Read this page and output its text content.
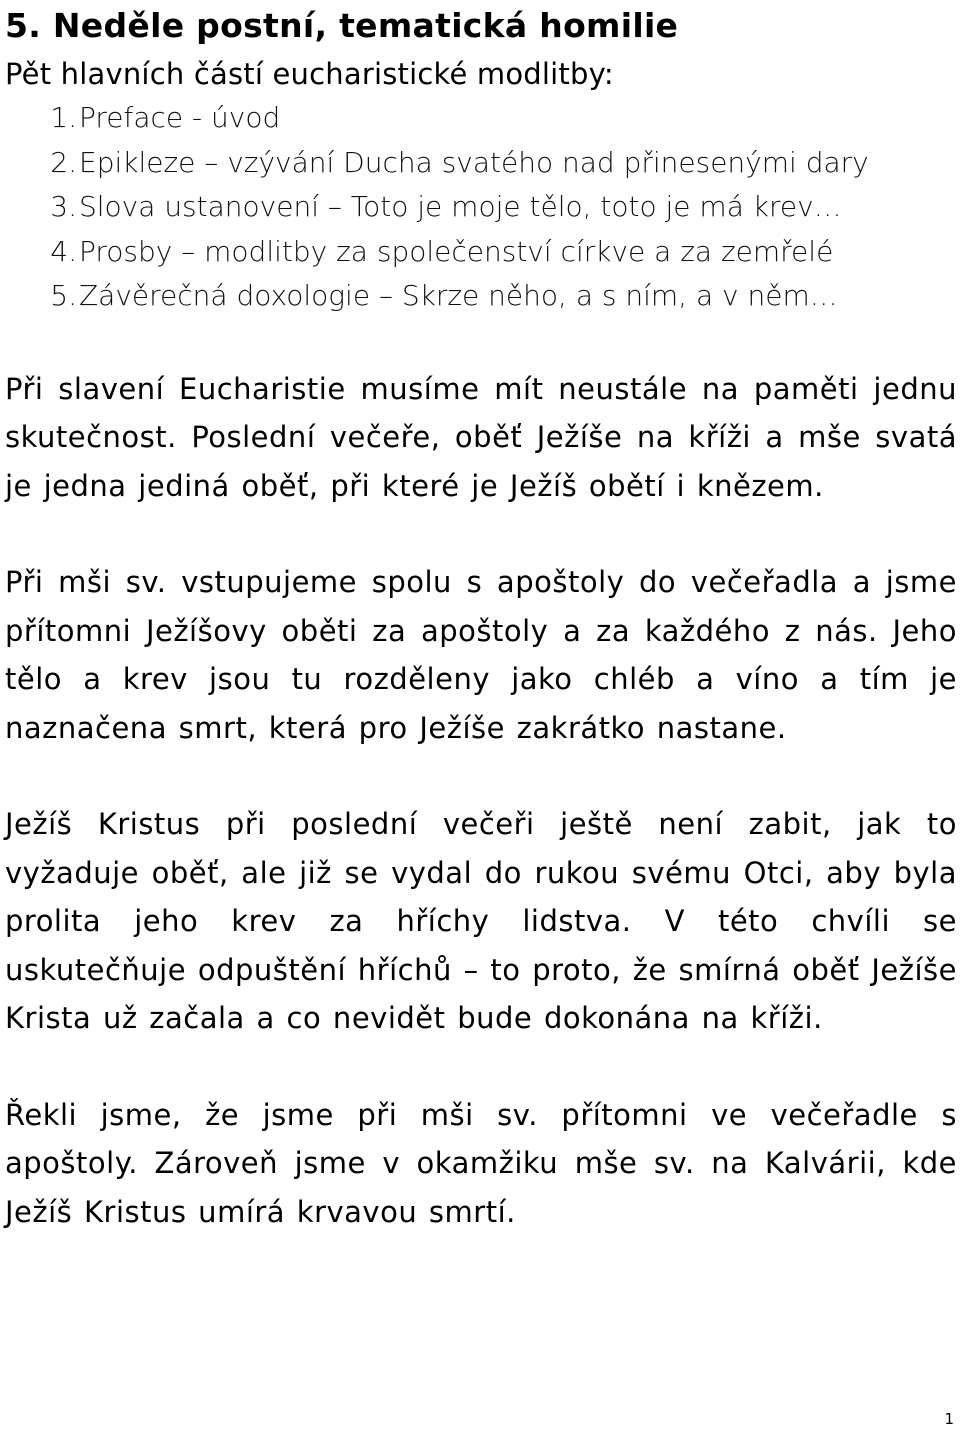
5. Neděle postní, tematická homilie

Pět hlavních částí eucharistické modlitby:

1. Preface - úvod
2. Epikleze – vzývání Ducha svatého nad přinesenými dary
3. Slova ustanovení – Toto je moje tělo, toto je má krev…
4. Prosby – modlitby za společenství církve a za zemřelé
5. Závěrečná doxologie – Skrze něho, a s ním, a v něm…

Při slavení Eucharistie musíme mít neustále na paměti jednu skutečnost. Poslední večeře, oběť Ježíše na kříži a mše svatá je jedna jediná oběť, při které je Ježíš obětí i knězem.

Při mši sv. vstupujeme spolu s apoštoly do večeřadla a jsme přítomni Ježíšovy oběti za apoštoly a za každého z nás. Jeho tělo a krev jsou tu rozděleny jako chléb a víno a tím je naznačena smrt, která pro Ježíše zakrátko nastane.

Ježíš Kristus při poslední večeři ještě není zabit, jak to vyžaduje oběť, ale již se vydal do rukou svému Otci, aby byla prolita jeho krev za hříchy lidstva. V této chvíli se uskutečňuje odpuštění hříchů – to proto, že smírná oběť Ježíše Krista už začala a co nevidět bude dokonána na kříži.

Řekli jsme, že jsme při mši sv. přítomni ve večeřadle s apoštoly. Zároveň jsme v okamžiku mše sv. na Kalvárii, kde Ježíš Kristus umírá krvavou smrtí.

1
